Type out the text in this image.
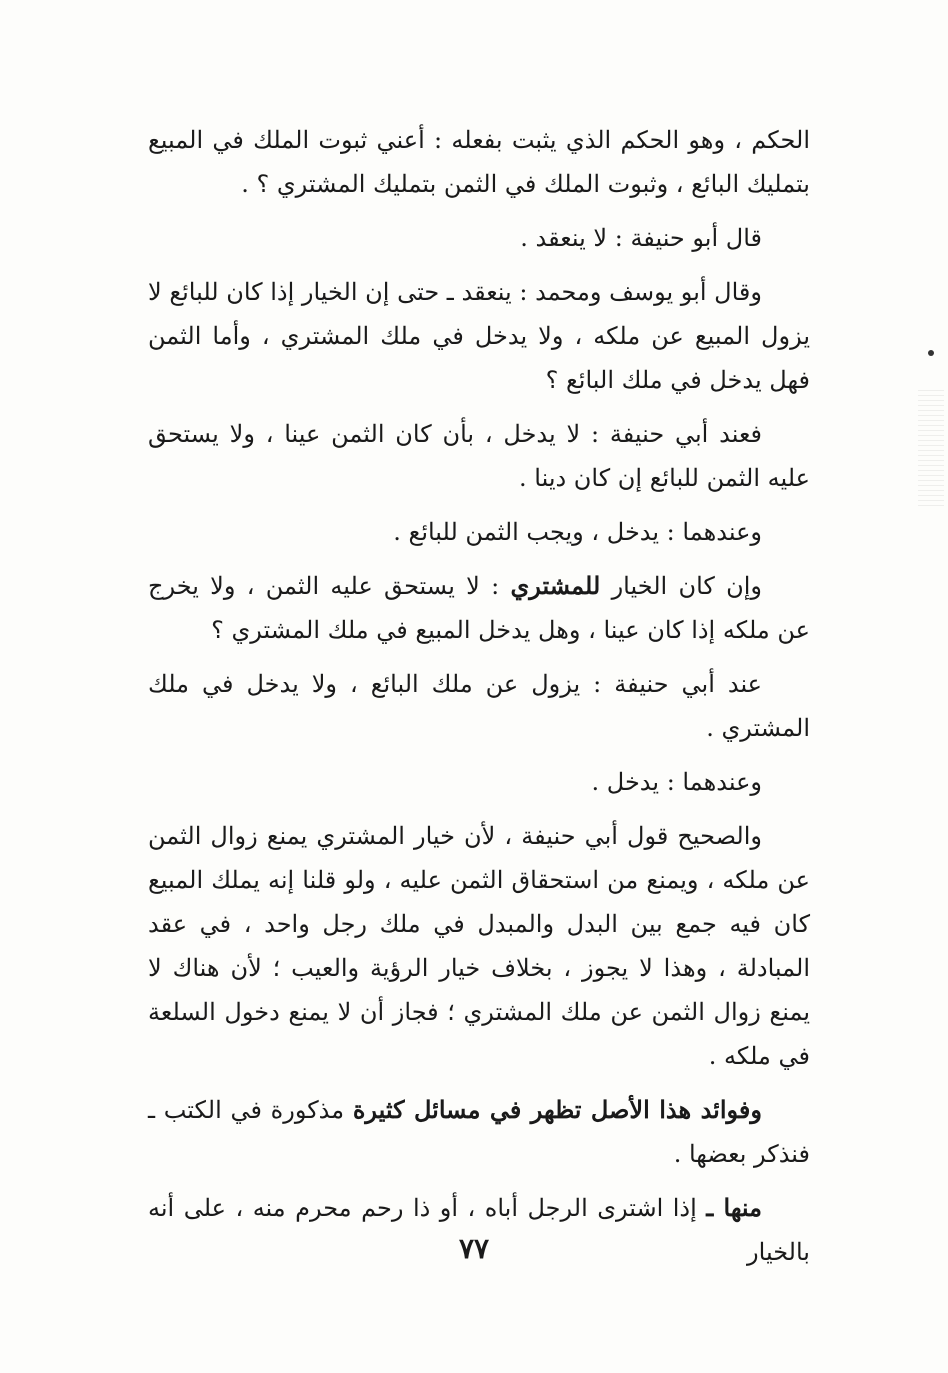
الحكم ، وهو الحكم الذي يثبت بفعله : أعني ثبوت الملك في المبيع بتمليك البائع ، وثبوت الملك في الثمن بتمليك المشتري ؟ .

قال أبو حنيفة : لا ينعقد .

وقال أبو يوسف ومحمد : ينعقد ـ حتى إن الخيار إذا كان للبائع لا يزول المبيع عن ملكه ، ولا يدخل في ملك المشتري ، وأما الثمن فهل يدخل في ملك البائع ؟

فعند أبي حنيفة : لا يدخل ، بأن كان الثمن عينا ، ولا يستحق عليه الثمن للبائع إن كان دينا .

وعندهما : يدخل ، ويجب الثمن للبائع .

وإن كان الخيار للمشتري : لا يستحق عليه الثمن ، ولا يخرج عن ملكه إذا كان عينا ، وهل يدخل المبيع في ملك المشتري ؟

عند أبي حنيفة : يزول عن ملك البائع ، ولا يدخل في ملك المشتري .

وعندهما : يدخل .

والصحيح قول أبي حنيفة ، لأن خيار المشتري يمنع زوال الثمن عن ملكه ، ويمنع من استحقاق الثمن عليه ، ولو قلنا إنه يملك المبيع كان فيه جمع بين البدل والمبدل في ملك رجل واحد ، في عقد المبادلة ، وهذا لا يجوز ، بخلاف خيار الرؤية والعيب ؛ لأن هناك لا يمنع زوال الثمن عن ملك المشتري ؛ فجاز أن لا يمنع دخول السلعة في ملكه .

وفوائد هذا الأصل تظهر في مسائل كثيرة مذكورة في الكتب ـ فنذكر بعضها .

منها ـ إذا اشترى الرجل أباه ، أو ذا رحم محرم منه ، على أنه بالخيار

٧٧
